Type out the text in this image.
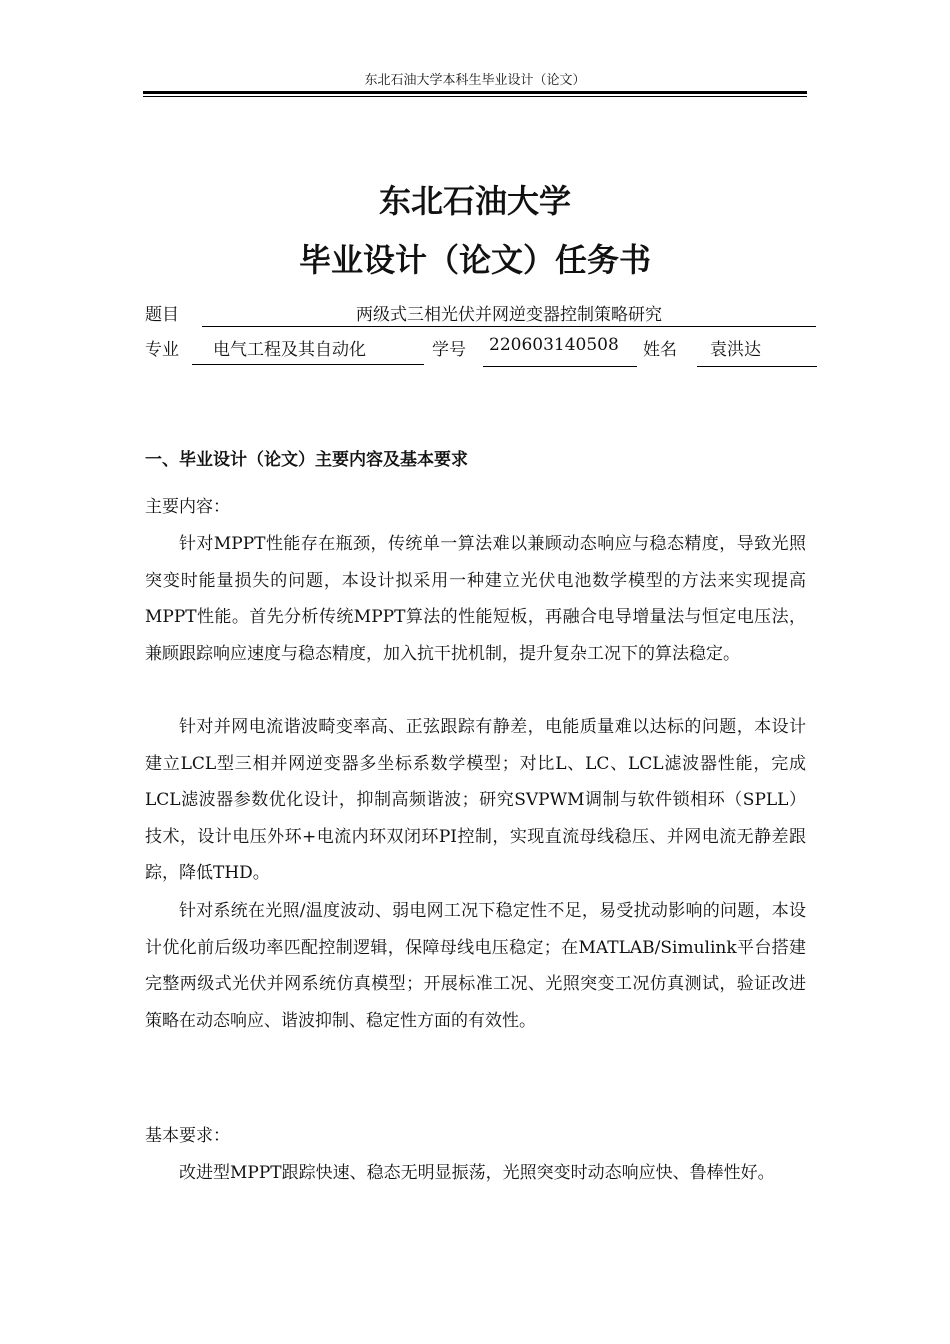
东北石油大学本科生毕业设计（论文）
东北石油大学
毕业设计（论文）任务书
题目	两级式三相光伏并网逆变器控制策略研究
专业 电气工程及其自动化	学号 220603140508 姓名 袁洪达
一、毕业设计（论文）主要内容及基本要求

主要内容：

针对MPPT性能存在瓶颈，传统单一算法难以兼顾动态响应与稳态精度，导致光照突变时能量损失的问题，本设计拟采用一种建立光伏电池数学模型的方法来实现提高MPPT性能。首先分析传统MPPT算法的性能短板，再融合电导增量法与恒定电压法，兼顾跟踪响应速度与稳态精度，加入抗干扰机制，提升复杂工况下的算法稳定。

针对并网电流谐波畸变率高、正弦跟踪有静差，电能质量难以达标的问题，本设计建立LCL型三相并网逆变器多坐标系数学模型；对比L、LC、LCL滤波器性能，完成LCL滤波器参数优化设计，抑制高频谐波；研究SVPWM调制与软件锁相环（SPLL）技术，设计电压外环+电流内环双闭环PI控制，实现直流母线稳压、并网电流无静差跟踪，降低THD。

针对系统在光照/温度波动、弱电网工况下稳定性不足，易受扰动影响的问题，本设计优化前后级功率匹配控制逻辑，保障母线电压稳定；在MATLAB/Simulink平台搭建完整两级式光伏并网系统仿真模型；开展标准工况、光照突变工况仿真测试，验证改进策略在动态响应、谐波抑制、稳定性方面的有效性。

基本要求：

改进型MPPT跟踪快速、稳态无明显振荡，光照突变时动态响应快、鲁棒性好。
